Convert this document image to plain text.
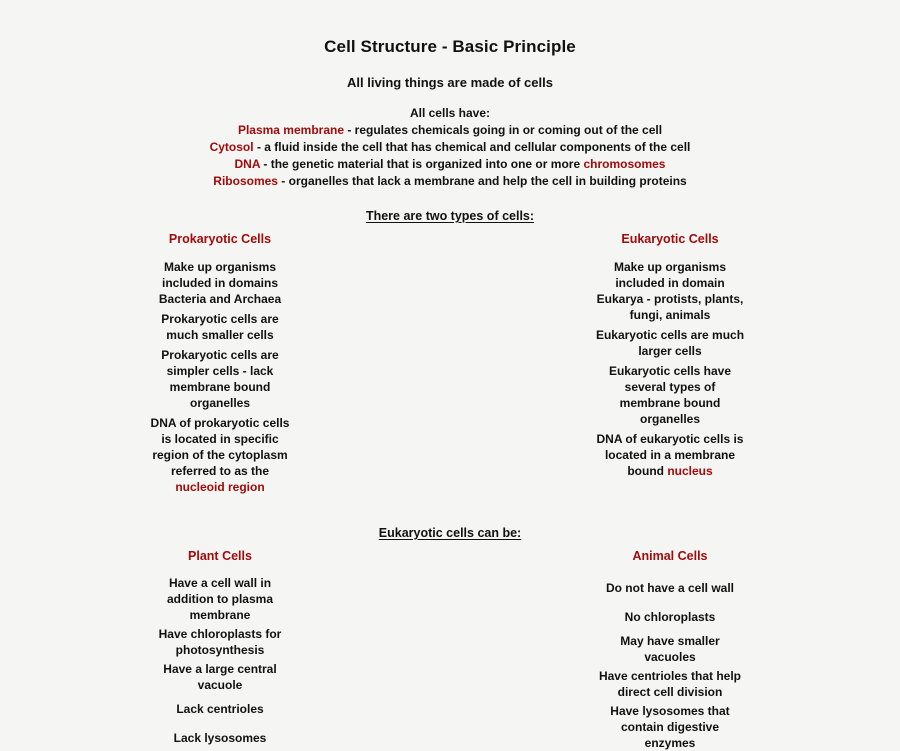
Cell Structure - Basic Principle
All living things are made of cells
All cells have:
Plasma membrane - regulates chemicals going in or coming out of the cell
Cytosol - a fluid inside the cell that has chemical and cellular components of the cell
DNA - the genetic material that is organized into one or more chromosomes
Ribosomes - organelles that lack a membrane and help the cell in building proteins
There are two types of cells:
Prokaryotic Cells
Make up organisms included in domains Bacteria and Archaea
Prokaryotic cells are much smaller cells
Prokaryotic cells are simpler cells - lack membrane bound organelles
DNA of prokaryotic cells is located in specific region of the cytoplasm referred to as the nucleoid region
Eukaryotic Cells
Make up organisms included in domain Eukarya - protists, plants, fungi, animals
Eukaryotic cells are much larger cells
Eukaryotic cells have several types of membrane bound organelles
DNA of eukaryotic cells is located in a membrane bound nucleus
Eukaryotic cells can be:
Plant Cells
Have a cell wall in addition to plasma membrane
Have chloroplasts for photosynthesis
Have a large central vacuole
Lack centrioles
Lack lysosomes
Animal Cells
Do not have a cell wall
No chloroplasts
May have smaller vacuoles
Have centrioles that help direct cell division
Have lysosomes that contain digestive enzymes
